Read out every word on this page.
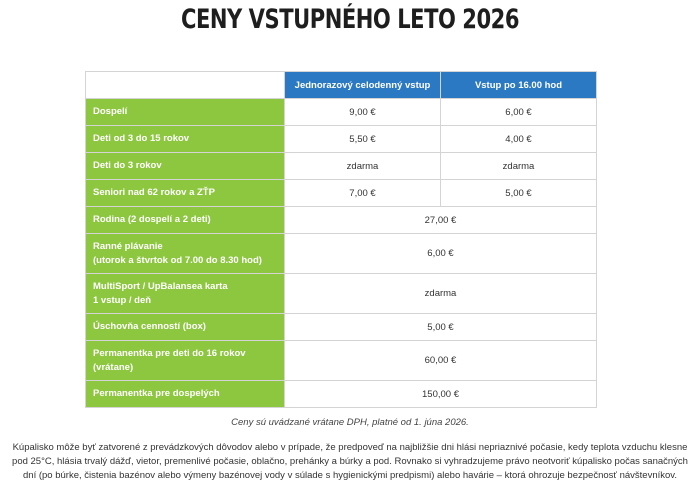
CENY VSTUPNÉHO LETO 2026
	Jednorazový celodenný vstup	Vstup po 16.00 hod
Dospelí	9,00 €	6,00 €
Deti od 3 do 15 rokov	5,50 €	4,00 €
Deti do 3 rokov	zdarma	zdarma
Seniori nad 62 rokov a ZŤP	7,00 €	5,00 €
Rodina (2 dospelí a 2 deti)	27,00 €	
Ranné plávanie
(utorok a štvrtok od 7.00 do 8.30 hod)	6,00 €	
MultiSport / UpBalansea karta
1 vstup / deň	zdarma	
Úschovňa cenností (box)	5,00 €	
Permanentka pre deti do 16 rokov
(vrátane)	60,00 €	
Permanentka pre dospelých	150,00 €	
Ceny sú uvádzané vrátane DPH, platné od 1. júna 2026.
Kúpalisko môže byť zatvorené z prevádzkových dôvodov alebo v prípade, že predpoveď na najbližšie dni hlási nepriaznivé počasie, kedy teplota vzduchu klesne pod 25°C, hlásia trvalý dážď, vietor, premenlivé počasie, oblačno, prehánky a búrky a pod. Rovnako si vyhradzujeme právo neotvoriť kúpalisko počas sanačných dní (po búrke, čistenia bazénov alebo výmeny bazénovej vody v súlade s hygienickými predpismi) alebo havárie – ktorá ohrozuje bezpečnosť návštevníkov.
